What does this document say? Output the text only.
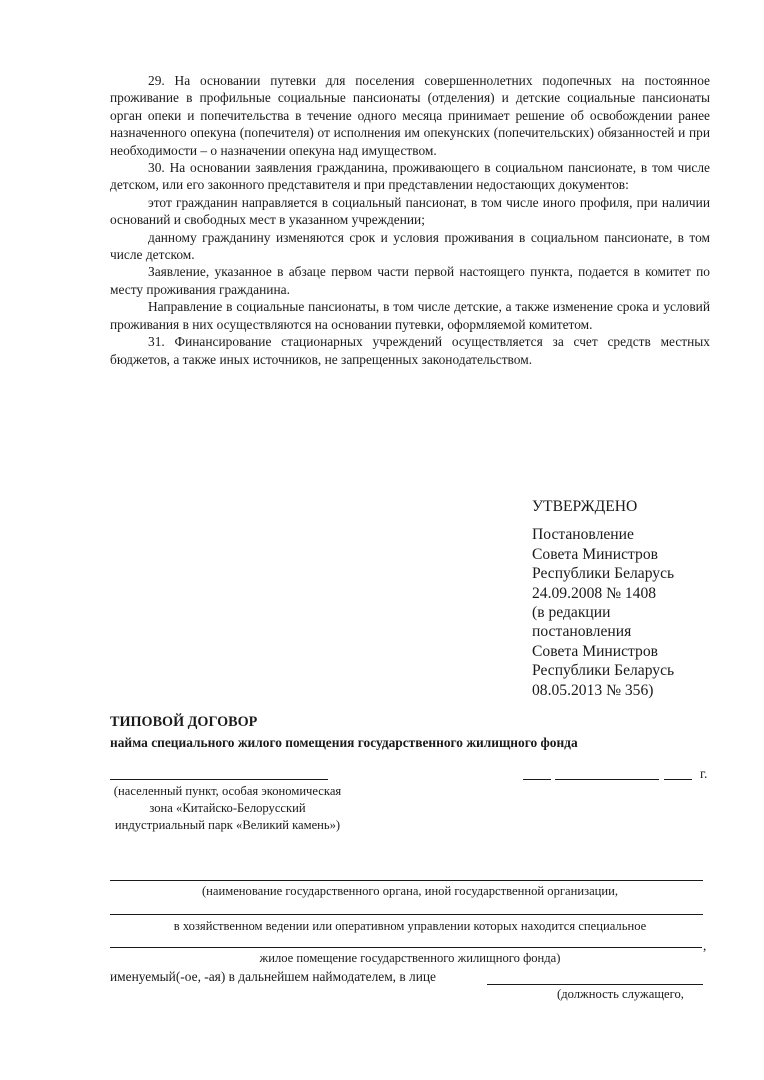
29. На основании путевки для поселения совершеннолетних подопечных на постоянное проживание в профильные социальные пансионаты (отделения) и детские социальные пансионаты орган опеки и попечительства в течение одного месяца принимает решение об освобождении ранее назначенного опекуна (попечителя) от исполнения им опекунских (попечительских) обязанностей и при необходимости – о назначении опекуна над имуществом.

30. На основании заявления гражданина, проживающего в социальном пансионате, в том числе детском, или его законного представителя и при представлении недостающих документов:

этот гражданин направляется в социальный пансионат, в том числе иного профиля, при наличии оснований и свободных мест в указанном учреждении;

данному гражданину изменяются срок и условия проживания в социальном пансионате, в том числе детском.

Заявление, указанное в абзаце первом части первой настоящего пункта, подается в комитет по месту проживания гражданина.

Направление в социальные пансионаты, в том числе детские, а также изменение срока и условий проживания в них осуществляются на основании путевки, оформляемой комитетом.

31. Финансирование стационарных учреждений осуществляется за счет средств местных бюджетов, а также иных источников, не запрещенных законодательством.

УТВЕРЖДЕНО
Постановление
Совета Министров
Республики Беларусь
24.09.2008 № 1408
(в редакции
постановления
Совета Министров
Республики Беларусь
08.05.2013 № 356)
ТИПОВОЙ ДОГОВОР
найма специального жилого помещения государственного жилищного фонда
(населенный пункт, особая экономическая зона «Китайско-Белорусский индустриальный парк «Великий камень»)
г.
(наименование государственного органа, иной государственной организации,
в хозяйственном ведении или оперативном управлении которых находится специальное
,
жилое помещение государственного жилищного фонда)
именуемый(-ое, -ая) в дальнейшем наймодателем, в лице
(должность служащего,
